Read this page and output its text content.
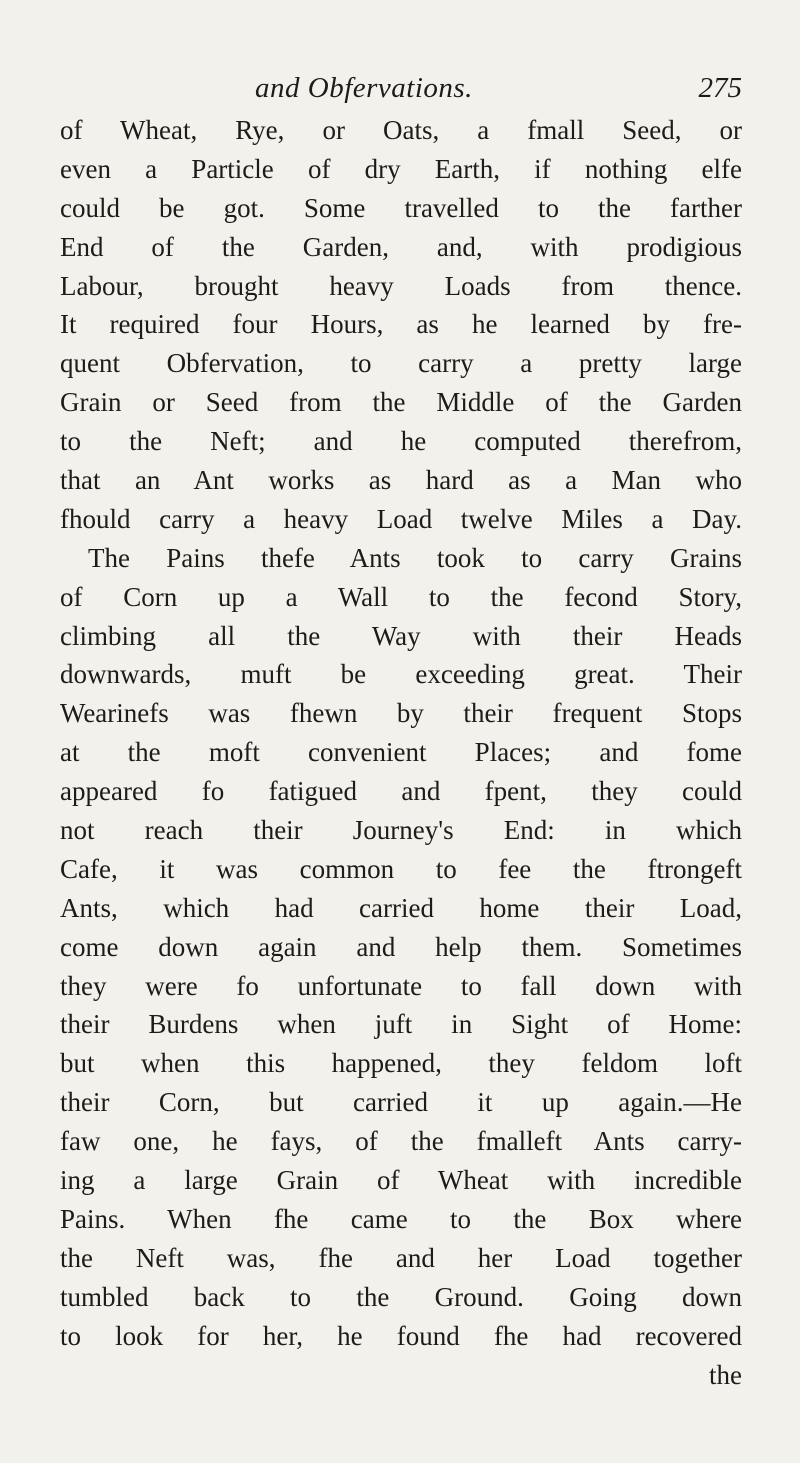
and Obfervations.	275
of Wheat, Rye, or Oats, a fmall Seed, or
even a Particle of dry Earth, if nothing elfe
could be got. Some travelled to the farther
End of the Garden, and, with prodigious
Labour, brought heavy Loads from thence.
It required four Hours, as he learned by fre-
quent Obfervation, to carry a pretty large
Grain or Seed from the Middle of the Garden
to the Neft; and he computed therefrom,
that an Ant works as hard as a Man who
fhould carry a heavy Load twelve Miles a Day.
The Pains thefe Ants took to carry Grains
of Corn up a Wall to the fecond Story,
climbing all the Way with their Heads
downwards, muft be exceeding great. Their
Wearinefs was fhewn by their frequent Stops
at the moft convenient Places; and fome
appeared fo fatigued and fpent, they could
not reach their Journey's End: in which
Cafe, it was common to fee the ftrongeft
Ants, which had carried home their Load,
come down again and help them. Sometimes
they were fo unfortunate to fall down with
their Burdens when juft in Sight of Home:
but when this happened, they feldom loft
their Corn, but carried it up again.—He
faw one, he fays, of the fmalleft Ants carry-
ing a large Grain of Wheat with incredible
Pains. When fhe came to the Box where
the Neft was, fhe and her Load together
tumbled back to the Ground. Going down
to look for her, he found fhe had recovered
the
